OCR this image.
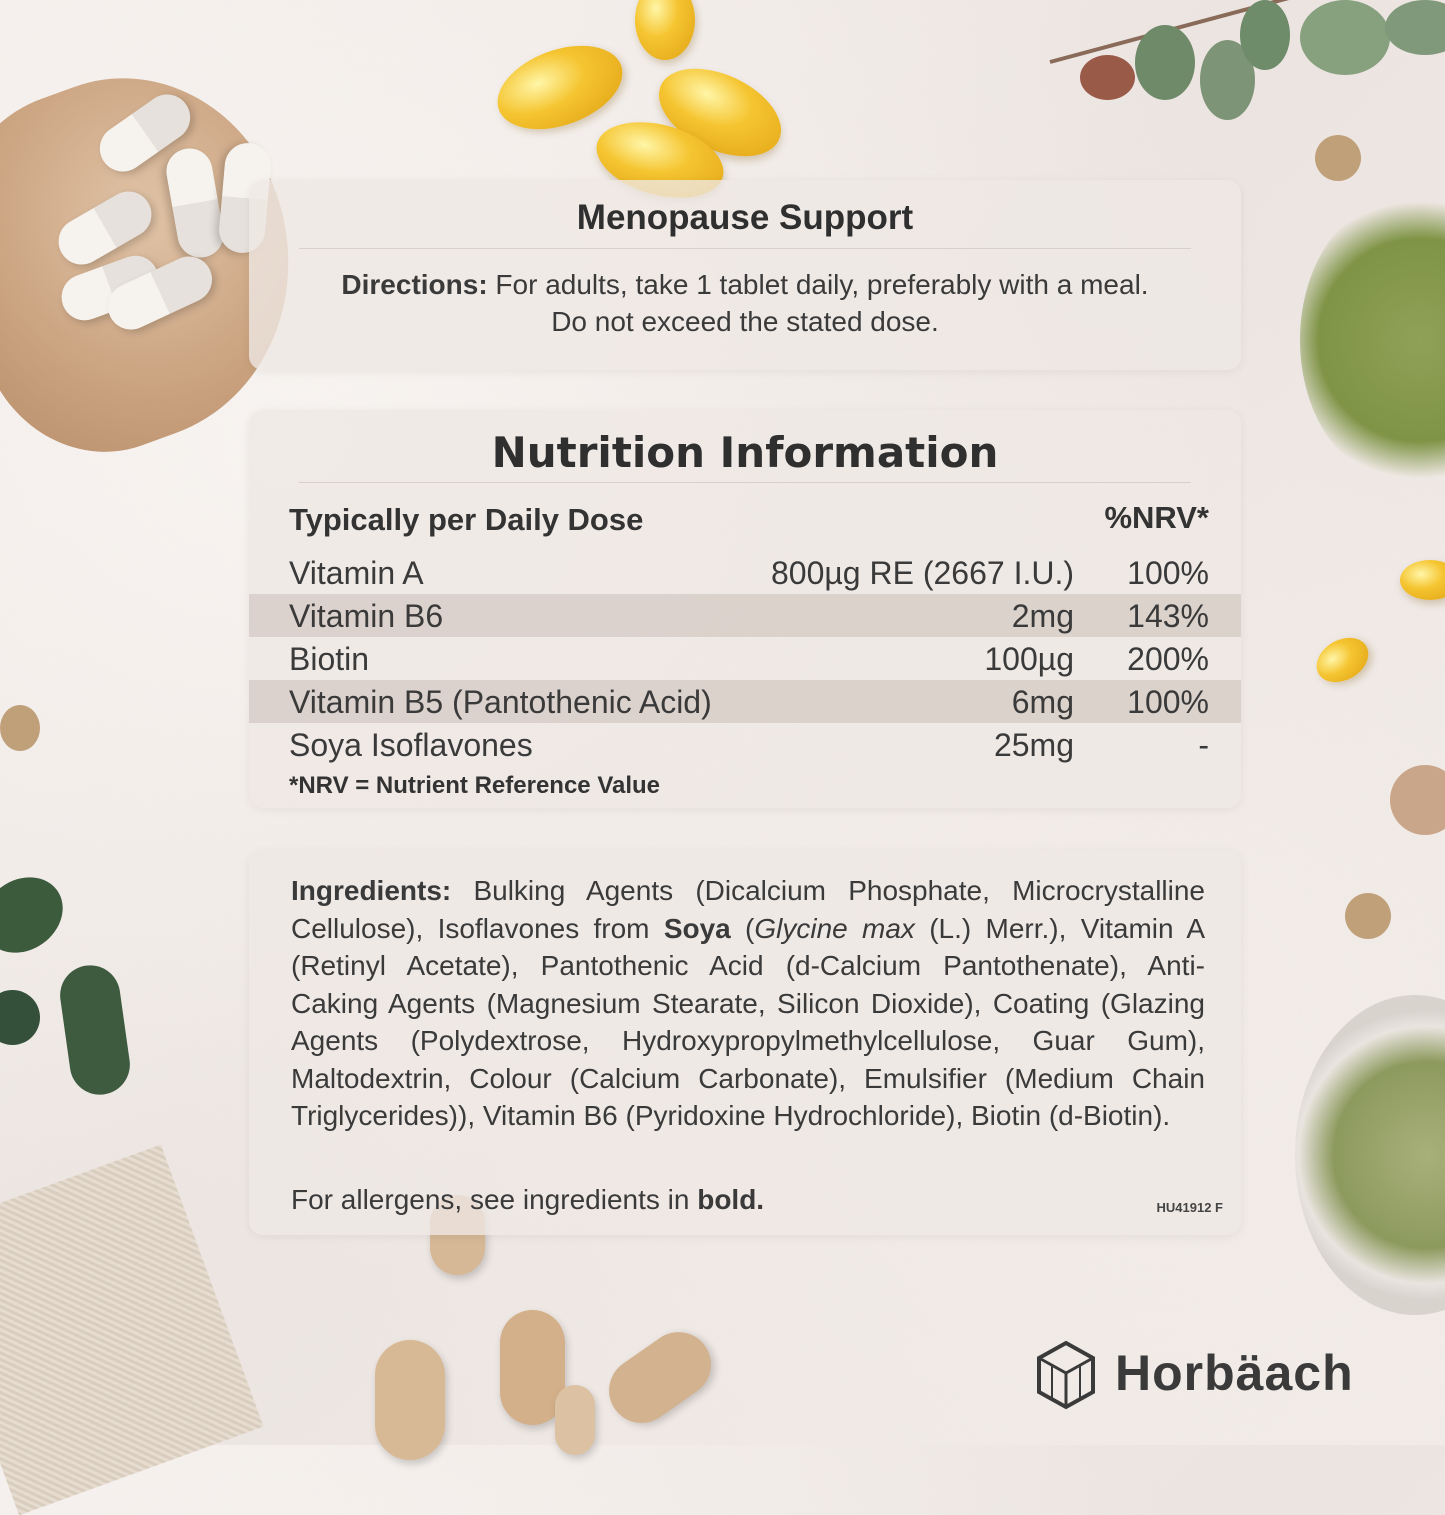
Menopause Support
Directions: For adults, take 1 tablet daily, preferably with a meal.
Do not exceed the stated dose.
Nutrition Information
Typically per Daily Dose	%NRV*
Vitamin A	800µg RE (2667 I.U.) 100%
Vitamin B6	2mg 143%
Biotin	100µg 200%
Vitamin B5 (Pantothenic Acid)	6mg 100%
Soya Isoflavones	25mg	-
*NRV = Nutrient Reference Value
Ingredients: Bulking Agents (Dicalcium Phosphate, Microcrystalline Cellulose), Isoflavones from Soya (Glycine max (L.) Merr.), Vitamin A (Retinyl Acetate), Pantothenic Acid (d-Calcium Pantothenate), Anti-Caking Agents (Magnesium Stearate, Silicon Dioxide), Coating (Glazing Agents (Polydextrose, Hydroxypropylmethylcellulose, Guar Gum), Maltodextrin, Colour (Calcium Carbonate), Emulsifier (Medium Chain Triglycerides)), Vitamin B6 (Pyridoxine Hydrochloride), Biotin (d-Biotin).
For allergens, see ingredients in bold.	HU41912 F
Horbäach
